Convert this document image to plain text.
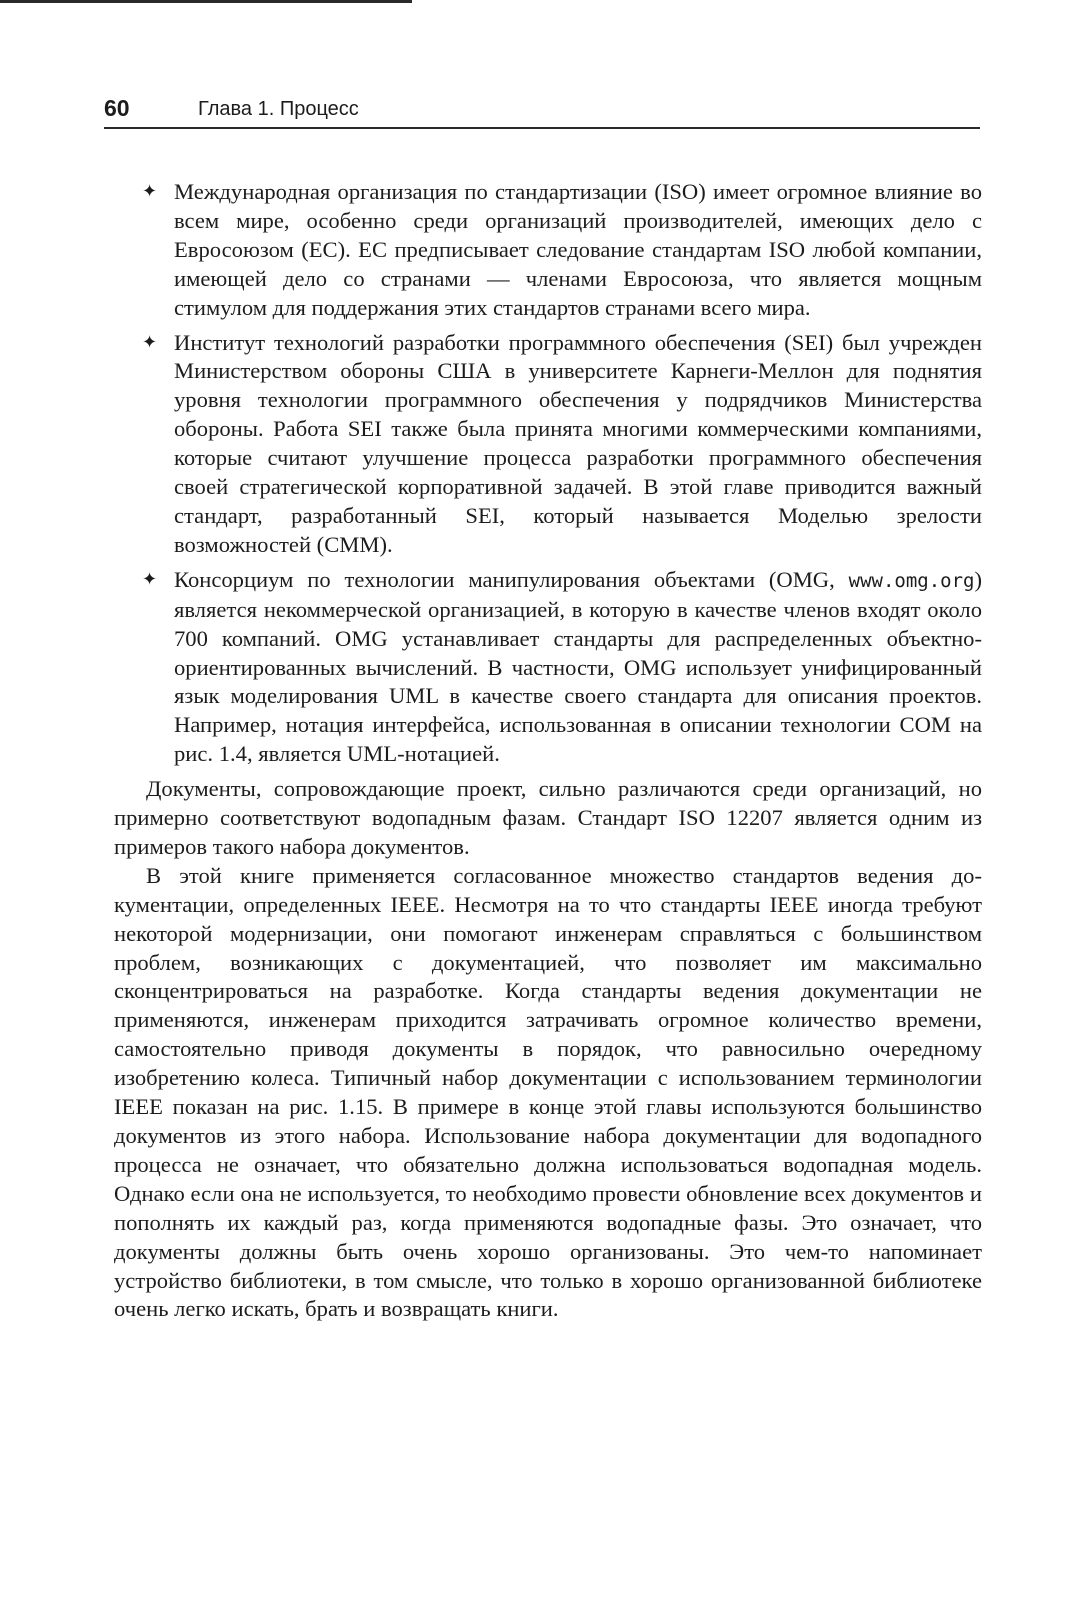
60	Глава 1. Процесс
✦ Международная организация по стандартизации (ISO) имеет огромное влияние во всем мире, особенно среди организаций производителей, имеющих дело с Евросоюзом (ЕС). ЕС предписывает следование стандартам ISO любой компании, имеющей дело со странами — членами Евросоюза, что является мощным стимулом для поддержания этих стандартов странами всего мира.
✦ Институт технологий разработки программного обеспечения (SEI) был учрежден Министерством обороны США в университете Карнеги-Меллон для поднятия уровня технологии программного обеспечения у подрядчиков Министерства обороны. Работа SEI также была принята многими коммерческими компаниями, которые считают улучшение процесса разработки программного обеспечения своей стратегической корпоративной задачей. В этой главе приводится важный стандарт, разработанный SEI, который называется Моделью зрелости возможностей (СММ).
✦ Консорциум по технологии манипулирования объектами (OMG, www.omg.org) является некоммерческой организацией, в которую в качестве членов входят около 700 компаний. OMG устанавливает стандарты для распределенных объектно-ориентированных вычислений. В частности, OMG использует унифицированный язык моделирования UML в качестве своего стандарта для описания проектов. Например, нотация интерфейса, использованная в описании технологии COM на рис. 1.4, является UML-нотацией.

Документы, сопровождающие проект, сильно различаются среди организаций, но примерно соответствуют водопадным фазам. Стандарт ISO 12207 является одним из примеров такого набора документов.

В этой книге применяется согласованное множество стандартов ведения документации, определенных IEEE. Несмотря на то что стандарты IEEE иногда требуют некоторой модернизации, они помогают инженерам справляться с большинством проблем, возникающих с документацией, что позволяет им максимально сконцентрироваться на разработке. Когда стандарты ведения документации не применяются, инженерам приходится затрачивать огромное количество времени, самостоятельно приводя документы в порядок, что равносильно очередному изобретению колеса. Типичный набор документации с использованием терминологии IEEE показан на рис. 1.15. В примере в конце этой главы используются большинство документов из этого набора. Использование набора документации для водопадного процесса не означает, что обязательно должна использоваться водопадная модель. Однако если она не используется, то необходимо провести обновление всех документов и пополнять их каждый раз, когда применяются водопадные фазы. Это означает, что документы должны быть очень хорошо организованы. Это чем-то напоминает устройство библиотеки, в том смысле, что только в хорошо организованной библиотеке очень легко искать, брать и возвращать книги.
